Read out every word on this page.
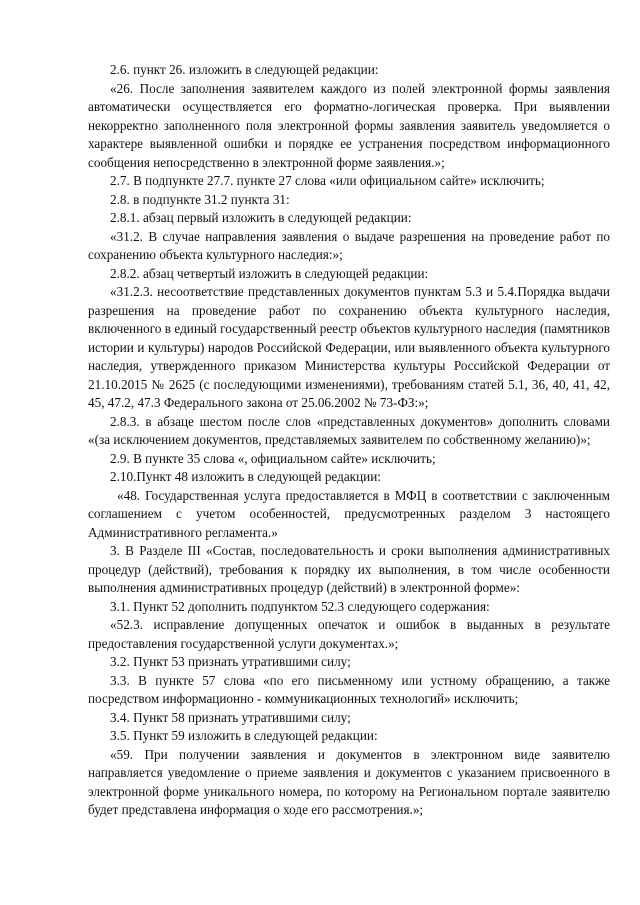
2.6. пункт 26. изложить в следующей редакции:

«26. После заполнения заявителем каждого из полей электронной формы заявления автоматически осуществляется его форматно-логическая проверка. При выявлении некорректно заполненного поля электронной формы заявления заявитель уведомляется о характере выявленной ошибки и порядке ее устранения посредством информационного сообщения непосредственно в электронной форме заявления.»;

2.7. В подпункте 27.7. пункте 27 слова «или официальном сайте» исключить;

2.8. в подпункте 31.2 пункта 31:

2.8.1. абзац первый изложить в следующей редакции:

«31.2. В случае направления заявления о выдаче разрешения на проведение работ по сохранению объекта культурного наследия:»;

2.8.2. абзац четвертый изложить в следующей редакции:

«31.2.3. несоответствие представленных документов пунктам 5.3 и 5.4.Порядка выдачи разрешения на проведение работ по сохранению объекта культурного наследия, включенного в единый государственный реестр объектов культурного наследия (памятников истории и культуры) народов Российской Федерации, или выявленного объекта культурного наследия, утвержденного приказом Министерства культуры Российской Федерации от 21.10.2015 № 2625 (с последующими изменениями), требованиям статей 5.1, 36, 40, 41, 42, 45, 47.2, 47.3 Федерального закона от 25.06.2002 № 73-ФЗ:»;

2.8.3. в абзаце шестом после слов «представленных документов» дополнить словами «(за исключением документов, представляемых заявителем по собственному желанию)»;

2.9. В пункте 35 слова «, официальном сайте» исключить;

2.10.Пункт 48 изложить в следующей редакции:

«48. Государственная услуга предоставляется в МФЦ в соответствии с заключенным соглашением с учетом особенностей, предусмотренных разделом 3 настоящего Административного регламента.»

3. В Разделе III «Состав, последовательность и сроки выполнения административных процедур (действий), требования к порядку их выполнения, в том числе особенности выполнения административных процедур (действий) в электронной форме»:

3.1. Пункт 52 дополнить подпунктом 52.3 следующего содержания:

«52.3. исправление допущенных опечаток и ошибок в выданных в результате предоставления государственной услуги документах.»;

3.2. Пункт 53 признать утратившими силу;

3.3. В пункте 57 слова «по его письменному или устному обращению, а также посредством информационно - коммуникационных технологий» исключить;

3.4. Пункт 58 признать утратившими силу;

3.5. Пункт 59 изложить в следующей редакции:

«59. При получении заявления и документов в электронном виде заявителю направляется уведомление о приеме заявления и документов с указанием присвоенного в электронной форме уникального номера, по которому на Региональном портале заявителю будет представлена информация о ходе его рассмотрения.»;
